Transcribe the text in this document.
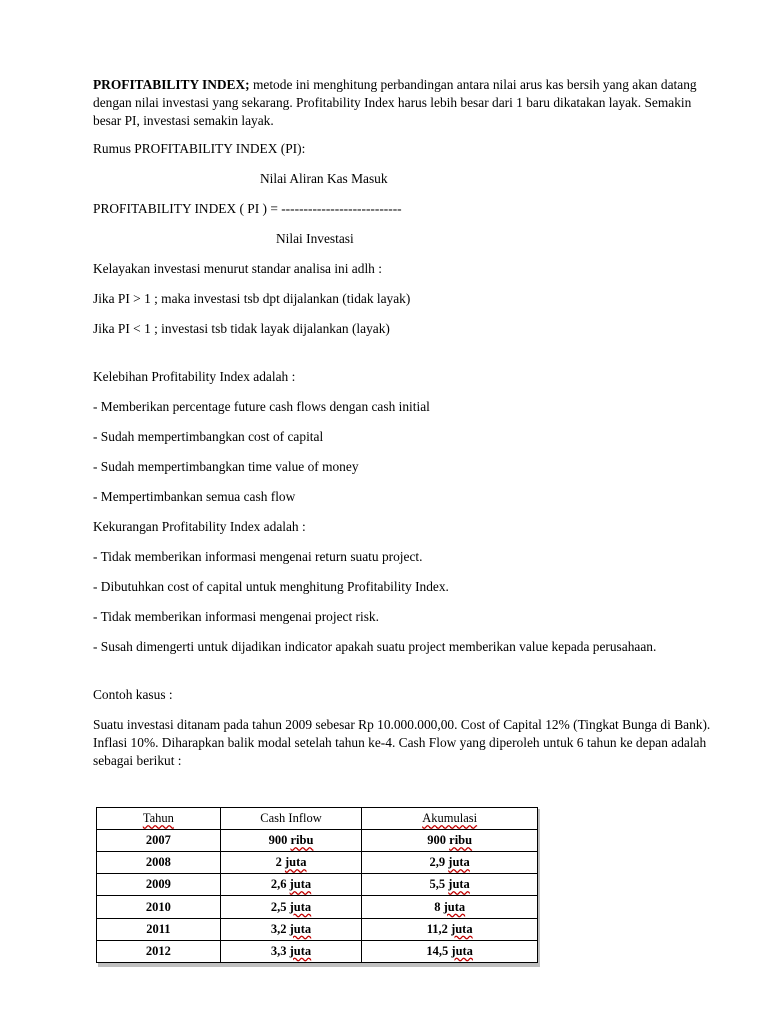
PROFITABILITY INDEX; metode ini menghitung perbandingan antara nilai arus kas bersih yang akan datang dengan nilai investasi yang sekarang. Profitability Index harus lebih besar dari 1 baru dikatakan layak. Semakin besar PI, investasi semakin layak.

Rumus PROFITABILITY INDEX (PI):

Nilai Aliran Kas Masuk

PROFITABILITY INDEX ( PI ) = ---------------------------

Nilai Investasi

Kelayakan investasi menurut standar analisa ini adlh :

Jika PI > 1 ; maka investasi tsb dpt dijalankan (tidak layak)

Jika PI < 1 ; investasi tsb tidak layak dijalankan (layak)

Kelebihan Profitability Index adalah :

- Memberikan percentage future cash flows dengan cash initial

- Sudah mempertimbangkan cost of capital

- Sudah mempertimbangkan time value of money

- Mempertimbankan semua cash flow

Kekurangan Profitability Index adalah :

- Tidak memberikan informasi mengenai return suatu project.

- Dibutuhkan cost of capital untuk menghitung Profitability Index.

- Tidak memberikan informasi mengenai project risk.

- Susah dimengerti untuk dijadikan indicator apakah suatu project memberikan value kepada perusahaan.

Contoh kasus :

Suatu investasi ditanam pada tahun 2009 sebesar Rp 10.000.000,00. Cost of Capital 12% (Tingkat Bunga di Bank). Inflasi 10%. Diharapkan balik modal setelah tahun ke-4. Cash Flow yang diperoleh untuk 6 tahun ke depan adalah sebagai berikut :

Tahun	Cash Inflow	Akumulasi
2007	900 ribu	900 ribu
2008	2 juta	2,9 juta
2009	2,6 juta	5,5 juta
2010	2,5 juta	8 juta
2011	3,2 juta	11,2 juta
2012	3,3 juta	14,5 juta
